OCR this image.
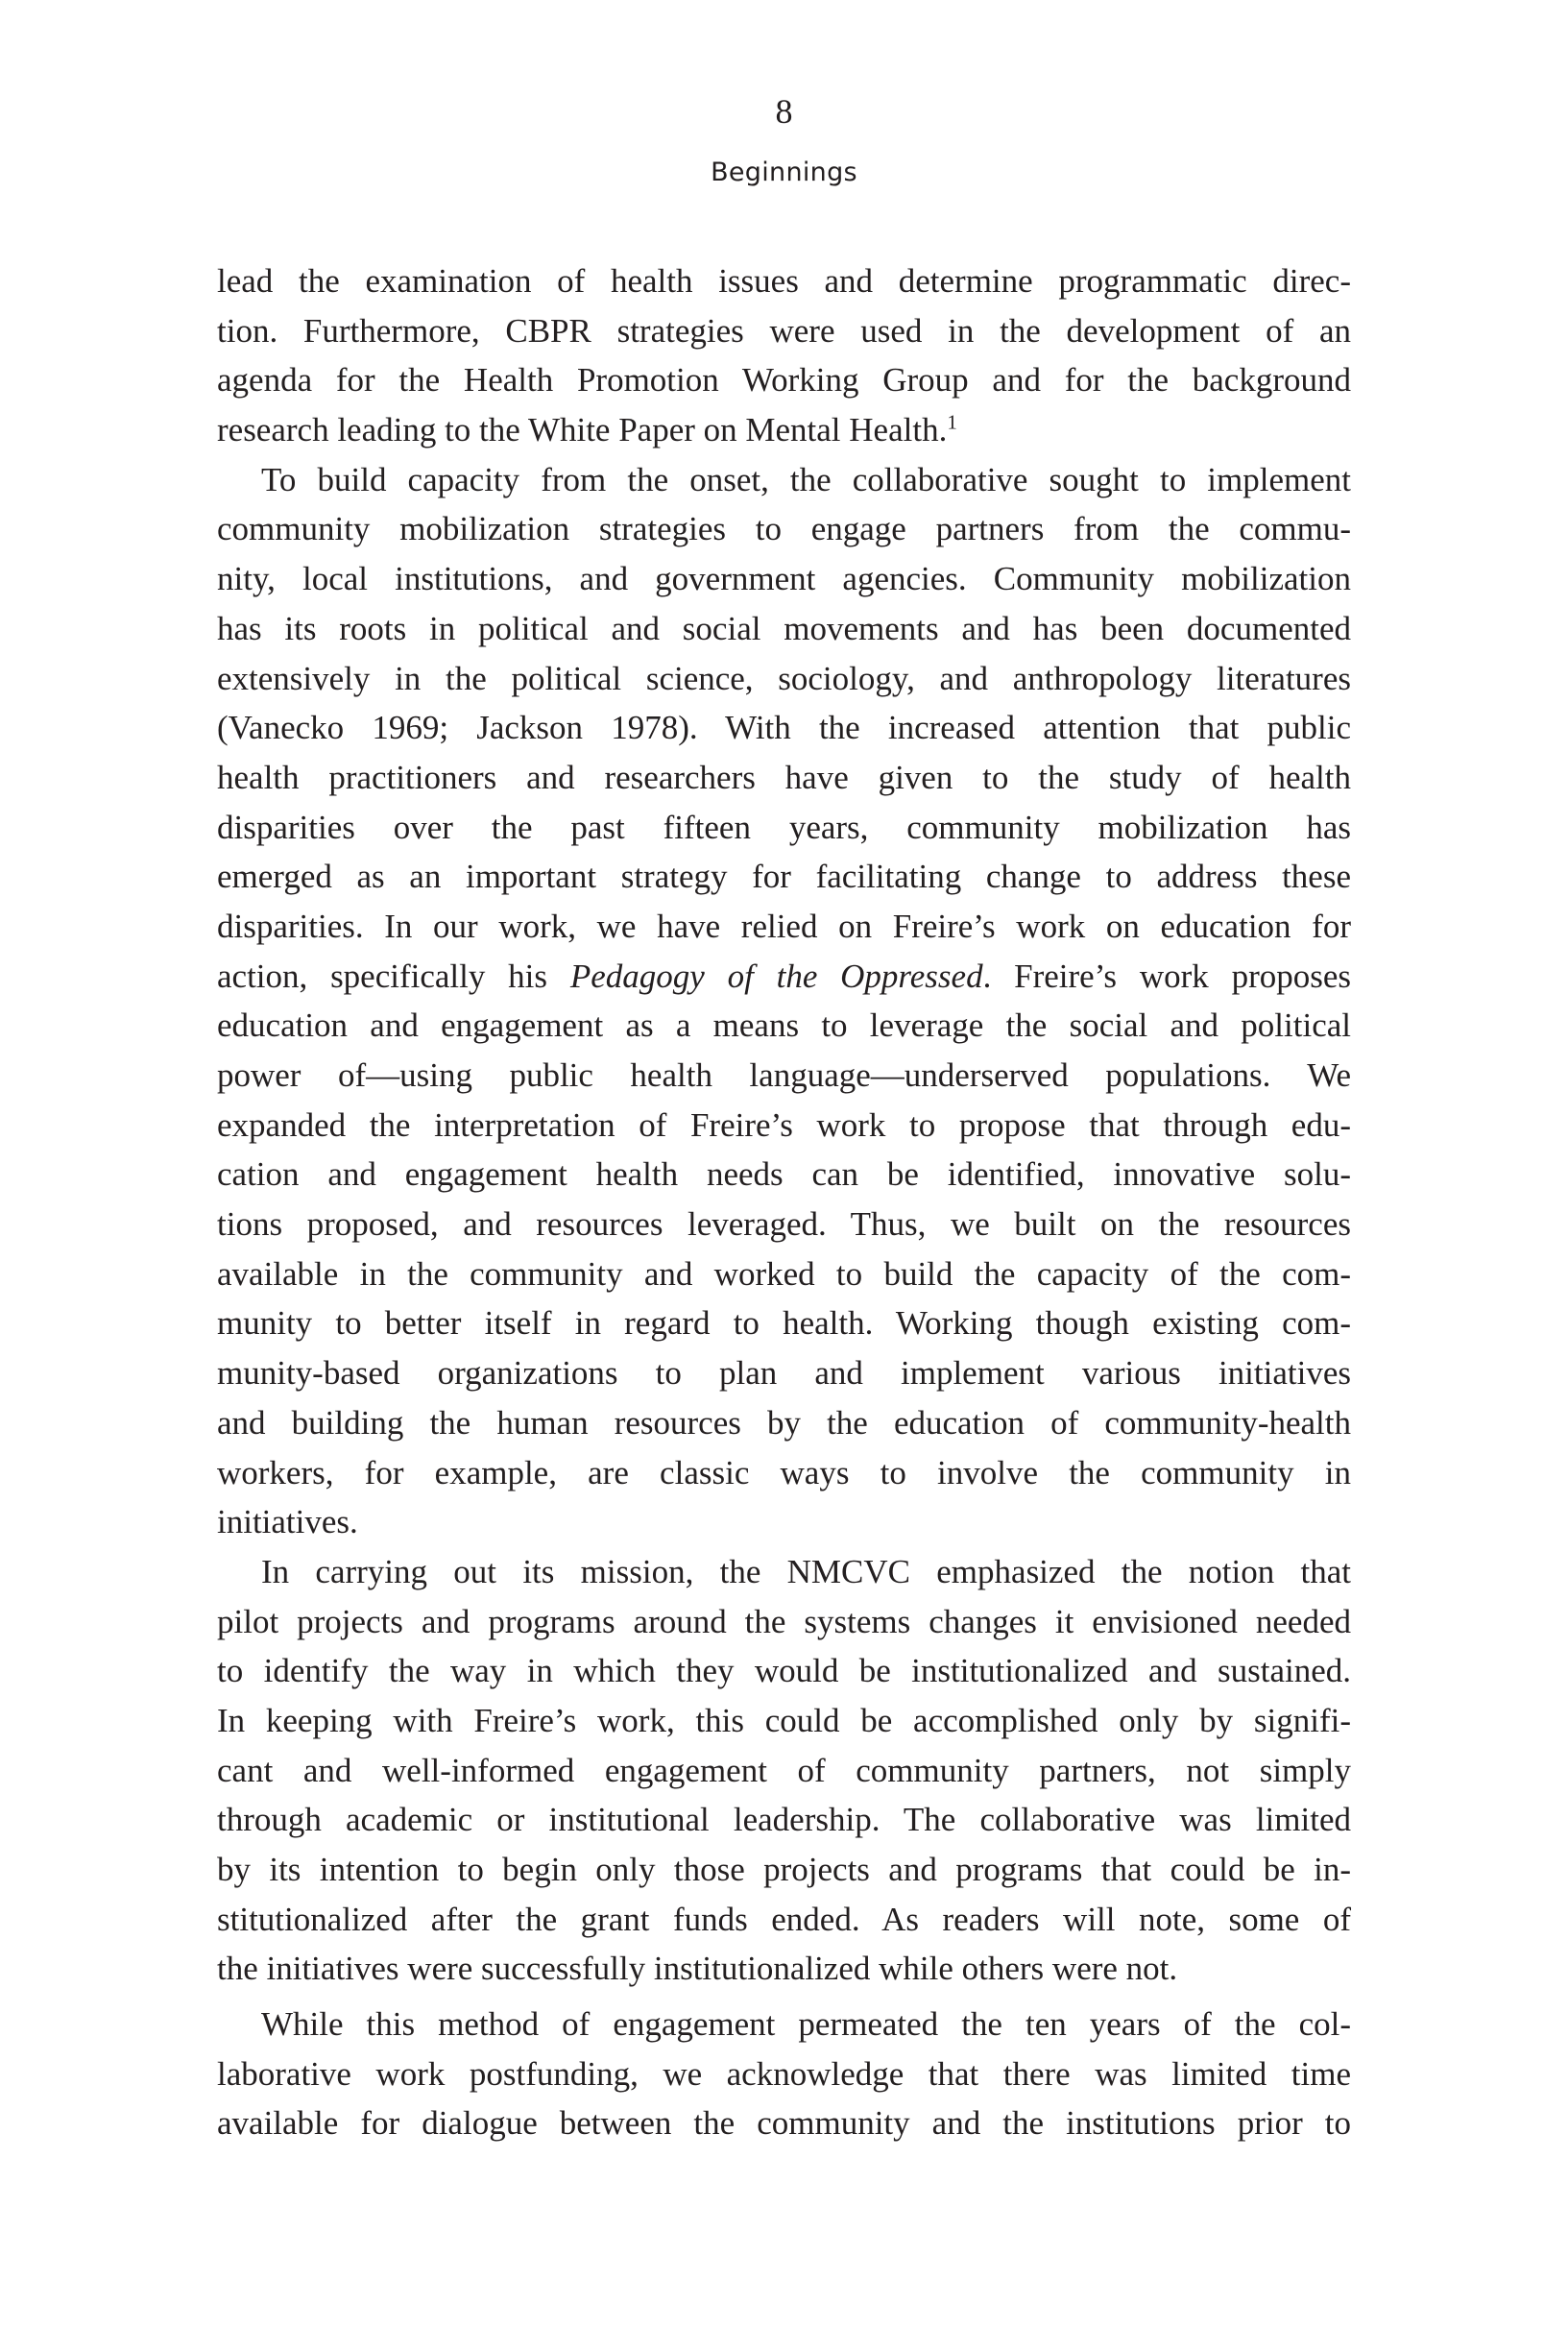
8
Beginnings
lead the examination of health issues and determine programmatic direc-
tion. Furthermore, CBPR strategies were used in the development of an
agenda for the Health Promotion Working Group and for the background
research leading to the White Paper on Mental Health.$^1$
To build capacity from the onset, the collaborative sought to implement
community mobilization strategies to engage partners from the commu-
nity, local institutions, and government agencies. Community mobilization
has its roots in political and social movements and has been documented
extensively in the political science, sociology, and anthropology literatures
(Vanecko 1969; Jackson 1978). With the increased attention that public
health practitioners and researchers have given to the study of health
disparities over the past fifteen years, community mobilization has
emerged as an important strategy for facilitating change to address these
disparities. In our work, we have relied on Freire’s work on education for
action, specifically his Pedagogy of the Oppressed. Freire’s work proposes
education and engagement as a means to leverage the social and political
power of—using public health language—underserved populations. We
expanded the interpretation of Freire’s work to propose that through edu-
cation and engagement health needs can be identified, innovative solu-
tions proposed, and resources leveraged. Thus, we built on the resources
available in the community and worked to build the capacity of the com-
munity to better itself in regard to health. Working though existing com-
munity-based organizations to plan and implement various initiatives
and building the human resources by the education of community-health
workers, for example, are classic ways to involve the community in
initiatives.
In carrying out its mission, the NMCVC emphasized the notion that
pilot projects and programs around the systems changes it envisioned needed
to identify the way in which they would be institutionalized and sustained.
In keeping with Freire’s work, this could be accomplished only by signifi-
cant and well-informed engagement of community partners, not simply
through academic or institutional leadership. The collaborative was limited
by its intention to begin only those projects and programs that could be in-
stitutionalized after the grant funds ended. As readers will note, some of
the initiatives were successfully institutionalized while others were not.
While this method of engagement permeated the ten years of the col-
laborative work postfunding, we acknowledge that there was limited time
available for dialogue between the community and the institutions prior to
